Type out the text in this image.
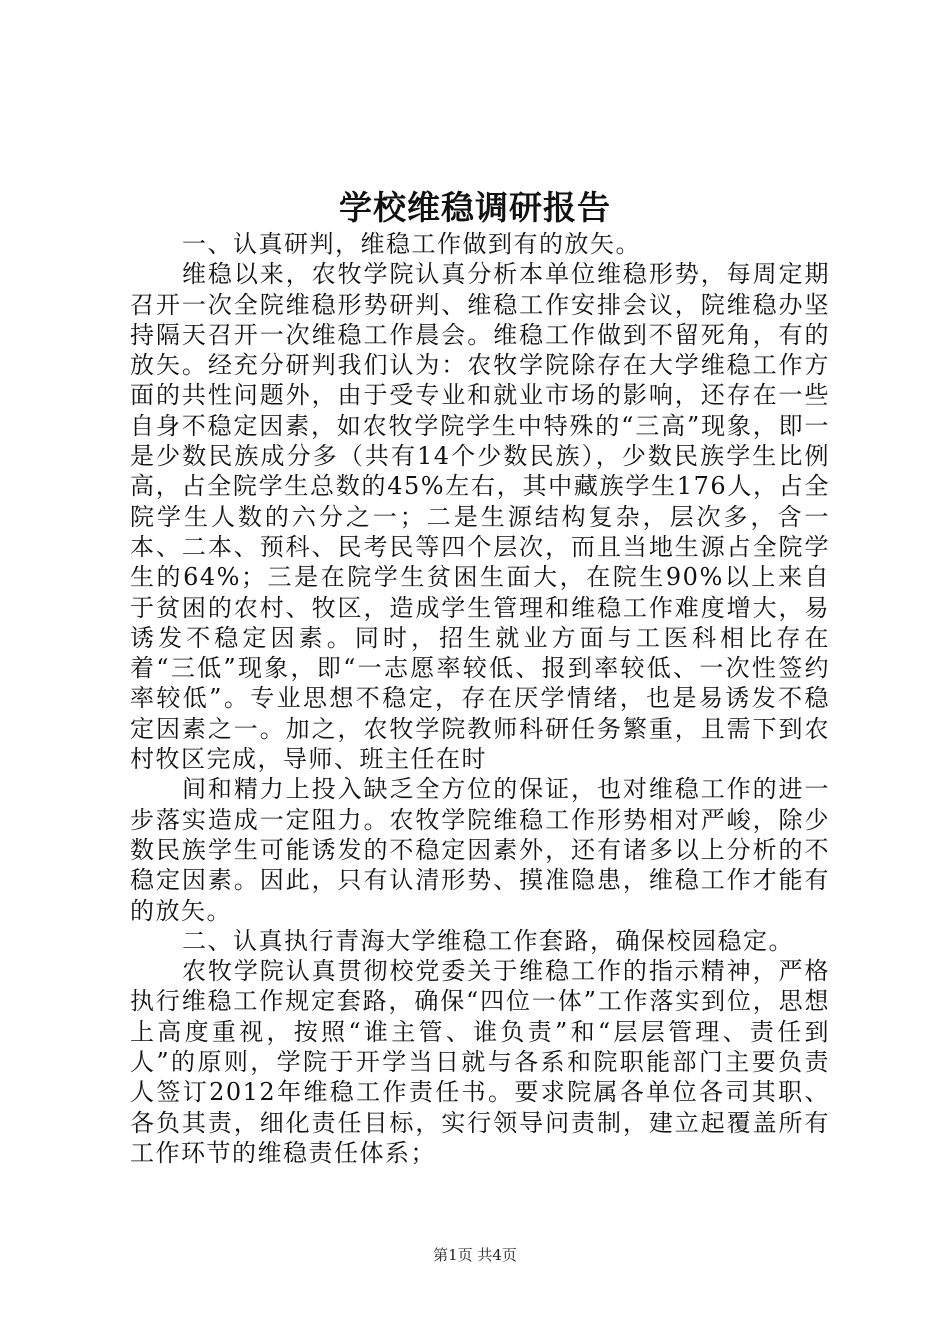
学校维稳调研报告

一、认真研判，维稳工作做到有的放矢。

维稳以来，农牧学院认真分析本单位维稳形势，每周定期召开一次全院维稳形势研判、维稳工作安排会议，院维稳办坚持隔天召开一次维稳工作晨会。维稳工作做到不留死角，有的放矢。经充分研判我们认为：农牧学院除存在大学维稳工作方面的共性问题外，由于受专业和就业市场的影响，还存在一些自身不稳定因素，如农牧学院学生中特殊的“三高”现象，即一是少数民族成分多（共有14个少数民族），少数民族学生比例高，占全院学生总数的45%左右，其中藏族学生176人，占全院学生人数的六分之一；二是生源结构复杂，层次多，含一本、二本、预科、民考民等四个层次，而且当地生源占全院学生的64%；三是在院学生贫困生面大，在院生90%以上来自于贫困的农村、牧区，造成学生管理和维稳工作难度增大，易诱发不稳定因素。同时，招生就业方面与工医科相比存在着“三低”现象，即“一志愿率较低、报到率较低、一次性签约率较低”。专业思想不稳定，存在厌学情绪，也是易诱发不稳定因素之一。加之，农牧学院教师科研任务繁重，且需下到农村牧区完成，导师、班主任在时

间和精力上投入缺乏全方位的保证，也对维稳工作的进一步落实造成一定阻力。农牧学院维稳工作形势相对严峻，除少数民族学生可能诱发的不稳定因素外，还有诸多以上分析的不稳定因素。因此，只有认清形势、摸准隐患，维稳工作才能有的放矢。

二、认真执行青海大学维稳工作套路，确保校园稳定。

农牧学院认真贯彻校党委关于维稳工作的指示精神，严格执行维稳工作规定套路，确保“四位一体”工作落实到位，思想上高度重视，按照“谁主管、谁负责”和“层层管理、责任到人”的原则，学院于开学当日就与各系和院职能部门主要负责人签订2012年维稳工作责任书。要求院属各单位各司其职、各负其责，细化责任目标，实行领导问责制，建立起覆盖所有工作环节的维稳责任体系；

第1页 共4页
